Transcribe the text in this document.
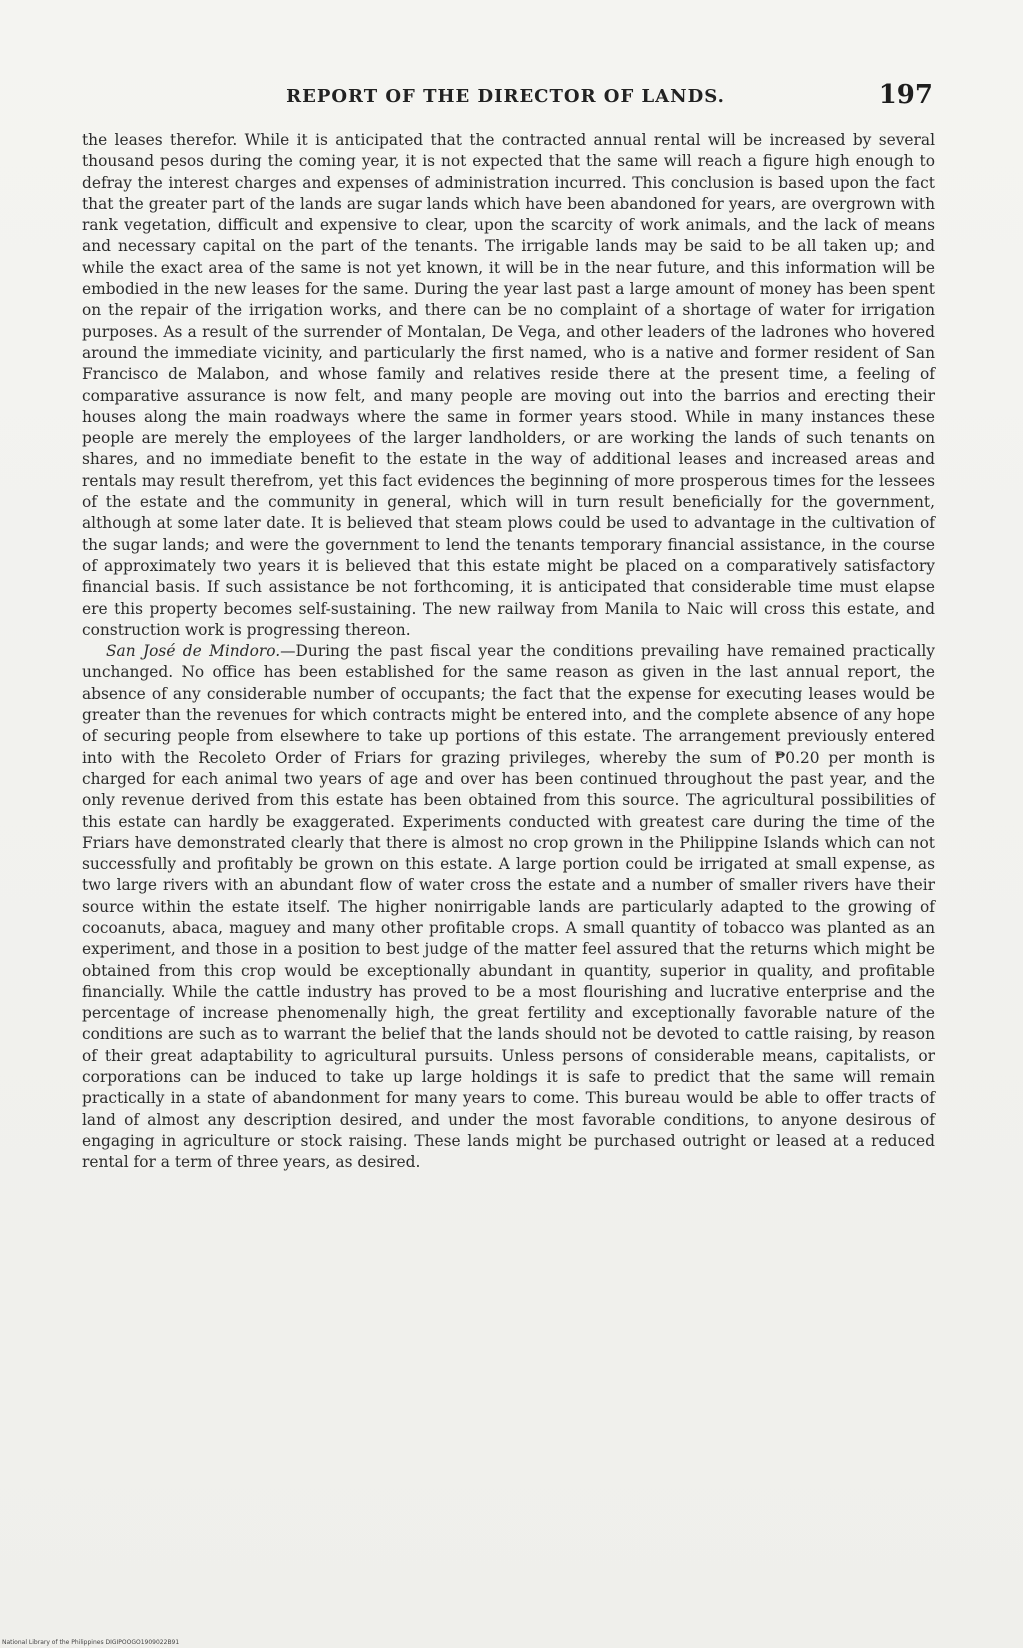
REPORT OF THE DIRECTOR OF LANDS.	197

the leases therefor. While it is anticipated that the contracted annual rental will be increased by several thousand pesos during the coming year, it is not expected that the same will reach a figure high enough to defray the interest charges and expenses of administration incurred. This conclusion is based upon the fact that the greater part of the lands are sugar lands which have been abandoned for years, are overgrown with rank vegetation, difficult and expensive to clear, upon the scarcity of work animals, and the lack of means and necessary capital on the part of the tenants. The irrigable lands may be said to be all taken up; and while the exact area of the same is not yet known, it will be in the near future, and this information will be embodied in the new leases for the same. During the year last past a large amount of money has been spent on the repair of the irrigation works, and there can be no complaint of a shortage of water for irrigation purposes. As a result of the surrender of Montalan, De Vega, and other leaders of the ladrones who hovered around the immediate vicinity, and particularly the first named, who is a native and former resident of San Francisco de Malabon, and whose family and relatives reside there at the present time, a feeling of comparative assurance is now felt, and many people are moving out into the barrios and erecting their houses along the main roadways where the same in former years stood. While in many instances these people are merely the employees of the larger landholders, or are working the lands of such tenants on shares, and no immediate benefit to the estate in the way of additional leases and increased areas and rentals may result therefrom, yet this fact evidences the beginning of more prosperous times for the lessees of the estate and the community in general, which will in turn result beneficially for the government, although at some later date. It is believed that steam plows could be used to advantage in the cultivation of the sugar lands; and were the government to lend the tenants temporary financial assistance, in the course of approximately two years it is believed that this estate might be placed on a comparatively satisfactory financial basis. If such assistance be not forthcoming, it is anticipated that considerable time must elapse ere this property becomes self-sustaining. The new railway from Manila to Naic will cross this estate, and construction work is progressing thereon.

San José de Mindoro.—During the past fiscal year the conditions prevailing have remained practically unchanged. No office has been established for the same reason as given in the last annual report, the absence of any considerable number of occupants; the fact that the expense for executing leases would be greater than the revenues for which contracts might be entered into, and the complete absence of any hope of securing people from elsewhere to take up portions of this estate. The arrangement previously entered into with the Recoleto Order of Friars for grazing privileges, whereby the sum of ₱0.20 per month is charged for each animal two years of age and over has been continued throughout the past year, and the only revenue derived from this estate has been obtained from this source. The agricultural possibilities of this estate can hardly be exaggerated. Experiments conducted with greatest care during the time of the Friars have demonstrated clearly that there is almost no crop grown in the Philippine Islands which can not successfully and profitably be grown on this estate. A large portion could be irrigated at small expense, as two large rivers with an abundant flow of water cross the estate and a number of smaller rivers have their source within the estate itself. The higher nonirrigable lands are particularly adapted to the growing of cocoanuts, abaca, maguey and many other profitable crops. A small quantity of tobacco was planted as an experiment, and those in a position to best judge of the matter feel assured that the returns which might be obtained from this crop would be exceptionally abundant in quantity, superior in quality, and profitable financially. While the cattle industry has proved to be a most flourishing and lucrative enterprise and the percentage of increase phenomenally high, the great fertility and exceptionally favorable nature of the conditions are such as to warrant the belief that the lands should not be devoted to cattle raising, by reason of their great adaptability to agricultural pursuits. Unless persons of considerable means, capitalists, or corporations can be induced to take up large holdings it is safe to predict that the same will remain practically in a state of abandonment for many years to come. This bureau would be able to offer tracts of land of almost any description desired, and under the most favorable conditions, to anyone desirous of engaging in agriculture or stock raising. These lands might be purchased outright or leased at a reduced rental for a term of three years, as desired.

National Library of the Philippines DIGIPOOGO1909022B91
